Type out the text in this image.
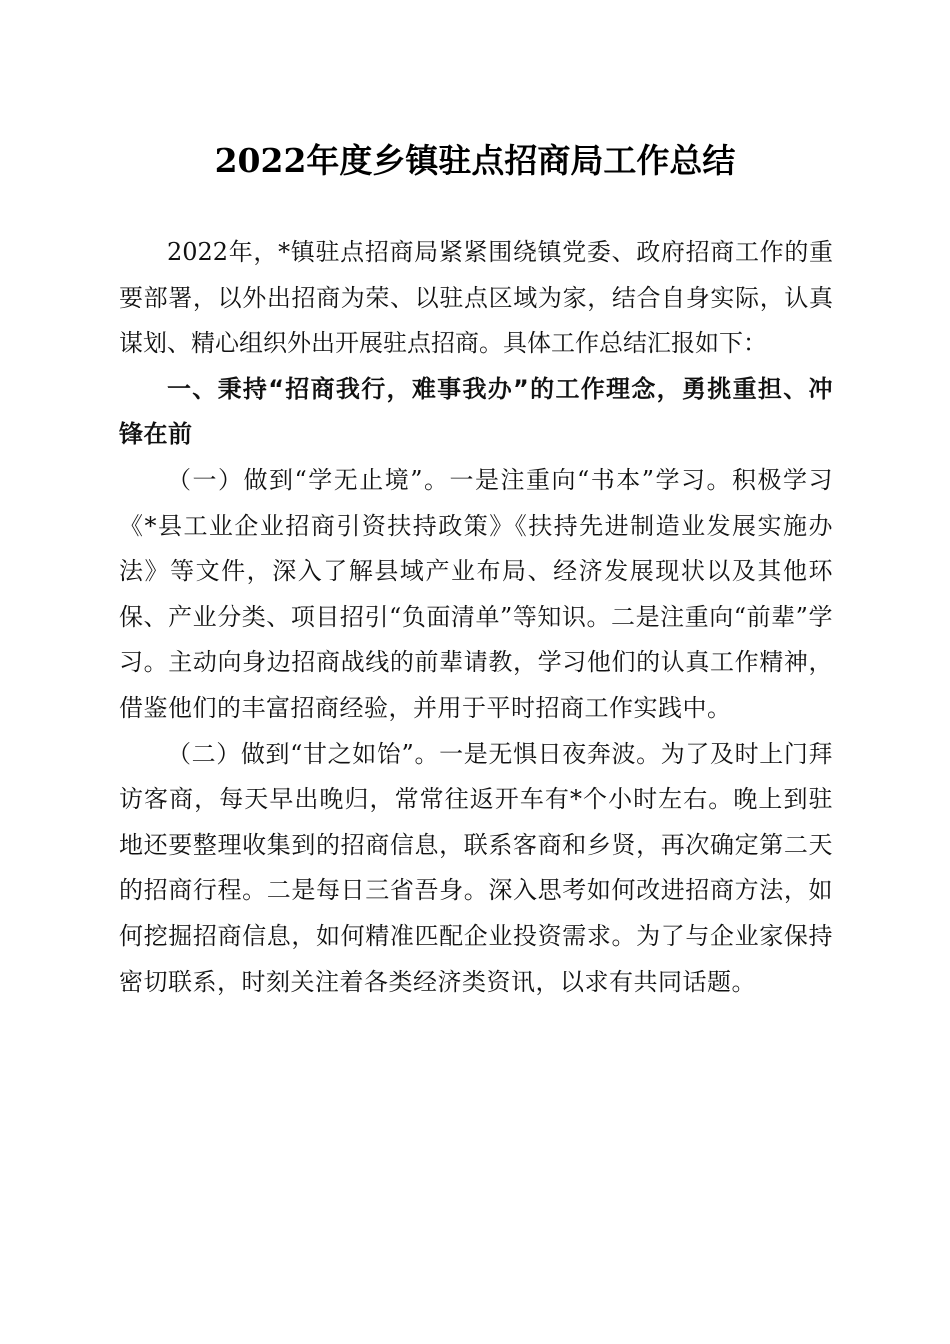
2022年度乡镇驻点招商局工作总结

2022年，*镇驻点招商局紧紧围绕镇党委、政府招商工作的重要部署，以外出招商为荣、以驻点区域为家，结合自身实际，认真谋划、精心组织外出开展驻点招商。具体工作总结汇报如下：

一、秉持“招商我行，难事我办”的工作理念，勇挑重担、冲锋在前

（一）做到“学无止境”。一是注重向“书本”学习。积极学习《*县工业企业招商引资扶持政策》《扶持先进制造业发展实施办法》等文件，深入了解县域产业布局、经济发展现状以及其他环保、产业分类、项目招引“负面清单”等知识。二是注重向“前辈”学习。主动向身边招商战线的前辈请教，学习他们的认真工作精神，借鉴他们的丰富招商经验，并用于平时招商工作实践中。

（二）做到“甘之如饴”。一是无惧日夜奔波。为了及时上门拜访客商，每天早出晚归，常常往返开车有*个小时左右。晚上到驻地还要整理收集到的招商信息，联系客商和乡贤，再次确定第二天的招商行程。二是每日三省吾身。深入思考如何改进招商方法，如何挖掘招商信息，如何精准匹配企业投资需求。为了与企业家保持密切联系，时刻关注着各类经济类资讯，以求有共同话题。
